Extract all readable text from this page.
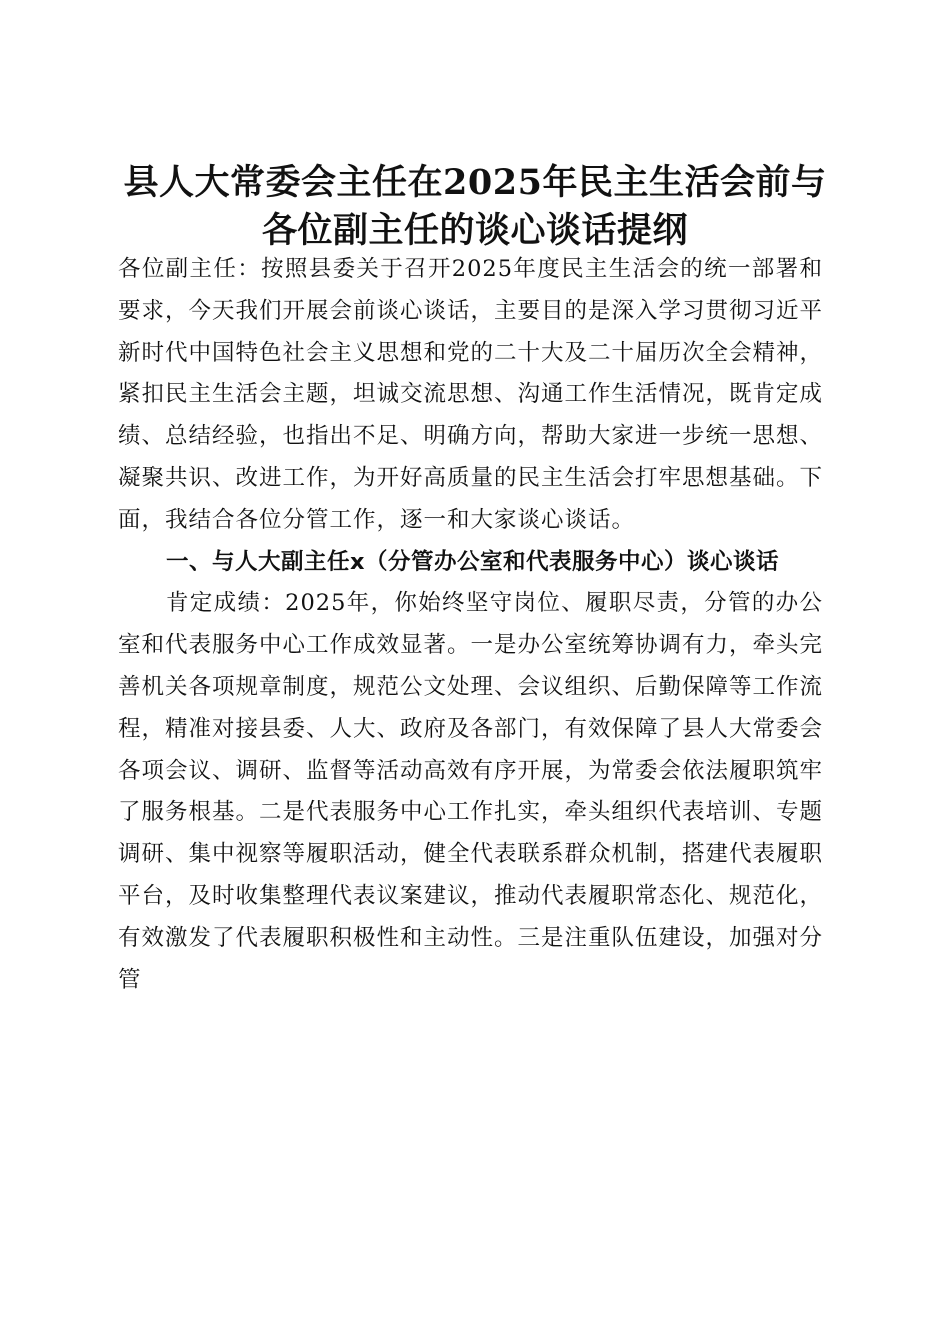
县人大常委会主任在2025年民主生活会前与
各位副主任的谈心谈话提纲

各位副主任：按照县委关于召开2025年度民主生活会的统一部署和要求，今天我们开展会前谈心谈话，主要目的是深入学习贯彻习近平新时代中国特色社会主义思想和党的二十大及二十届历次全会精神，紧扣民主生活会主题，坦诚交流思想、沟通工作生活情况，既肯定成绩、总结经验，也指出不足、明确方向，帮助大家进一步统一思想、凝聚共识、改进工作，为开好高质量的民主生活会打牢思想基础。下面，我结合各位分管工作，逐一和大家谈心谈话。

一、与人大副主任x（分管办公室和代表服务中心）谈心谈话

肯定成绩：2025年，你始终坚守岗位、履职尽责，分管的办公室和代表服务中心工作成效显著。一是办公室统筹协调有力，牵头完善机关各项规章制度，规范公文处理、会议组织、后勤保障等工作流程，精准对接县委、人大、政府及各部门，有效保障了县人大常委会各项会议、调研、监督等活动高效有序开展，为常委会依法履职筑牢了服务根基。二是代表服务中心工作扎实，牵头组织代表培训、专题调研、集中视察等履职活动，健全代表联系群众机制，搭建代表履职平台，及时收集整理代表议案建议，推动代表履职常态化、规范化，有效激发了代表履职积极性和主动性。三是注重队伍建设，加强对分管
